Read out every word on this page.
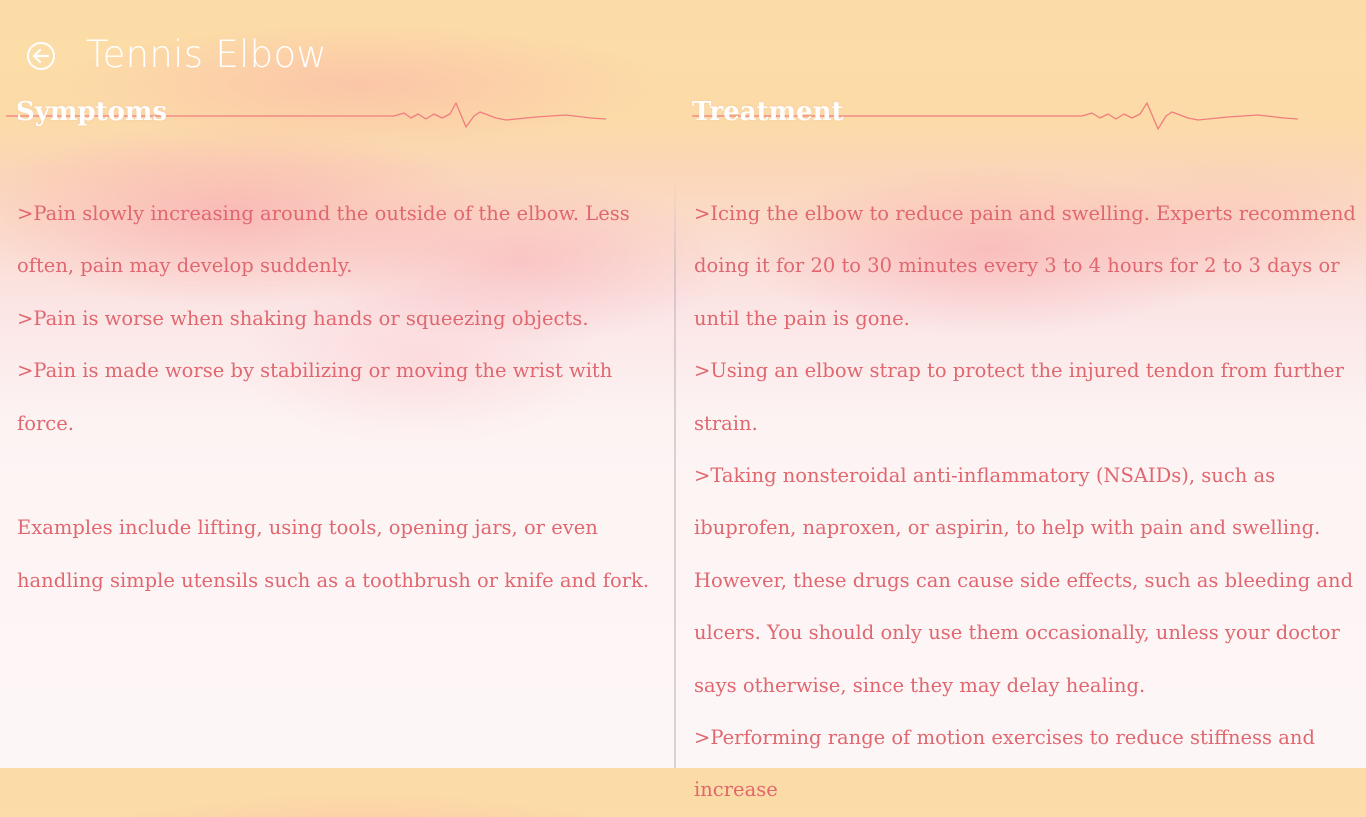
Tennis Elbow
Symptoms	Treatment

>Pain slowly increasing around the outside of the elbow. Less often, pain may develop suddenly.

>Pain is worse when shaking hands or squeezing objects.

>Pain is made worse by stabilizing or moving the wrist with force.

Examples include lifting, using tools, opening jars, or even handling simple utensils such as a toothbrush or knife and fork.

>Icing the elbow to reduce pain and swelling. Experts recommend doing it for 20 to 30 minutes every 3 to 4 hours for 2 to 3 days or until the pain is gone.

>Using an elbow strap to protect the injured tendon from further strain.

>Taking nonsteroidal anti-inflammatory (NSAIDs), such as ibuprofen, naproxen, or aspirin, to help with pain and swelling. However, these drugs can cause side effects, such as bleeding and ulcers. You should only use them occasionally, unless your doctor says otherwise, since they may delay healing.

>Performing range of motion exercises to reduce stiffness and increase
